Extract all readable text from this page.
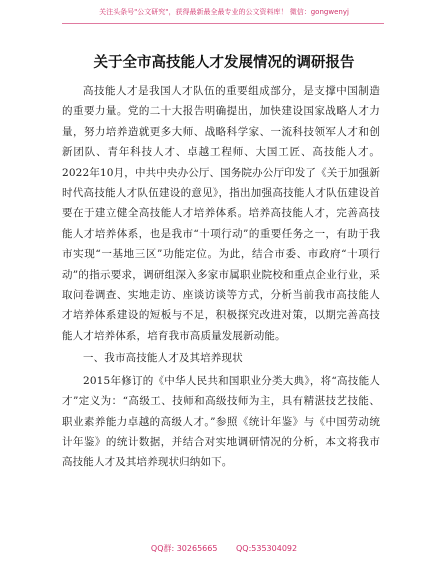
关注头条号"公文研究"，获得最新最全最专业的公文资料库！ 微信：gongwenyj
关于全市高技能人才发展情况的调研报告

高技能人才是我国人才队伍的重要组成部分，是支撑中国制造的重要力量。党的二十大报告明确提出，加快建设国家战略人才力量，努力培养造就更多大师、战略科学家、一流科技领军人才和创新团队、青年科技人才、卓越工程师、大国工匠、高技能人才。2022年10月，中共中央办公厅、国务院办公厅印发了《关于加强新时代高技能人才队伍建设的意见》，指出加强高技能人才队伍建设首要在于建立健全高技能人才培养体系。培养高技能人才，完善高技能人才培养体系，也是我市“十项行动”的重要任务之一，有助于我市实现“一基地三区”功能定位。为此，结合市委、市政府“十项行动”的指示要求，调研组深入多家市属职业院校和重点企业行业，采取问卷调查、实地走访、座谈访谈等方式，分析当前我市高技能人才培养体系建设的短板与不足，积极探究改进对策，以期完善高技能人才培养体系，培育我市高质量发展新动能。

一、我市高技能人才及其培养现状

2015年修订的《中华人民共和国职业分类大典》，将“高技能人才”定义为：“高级工、技师和高级技师为主，具有精湛技艺技能、职业素养能力卓越的高级人才。”参照《统计年鉴》与《中国劳动统计年鉴》的统计数据，并结合对实地调研情况的分析，本文将我市高技能人才及其培养现状归纳如下。

QQ群: 30265665 QQ:535304092
